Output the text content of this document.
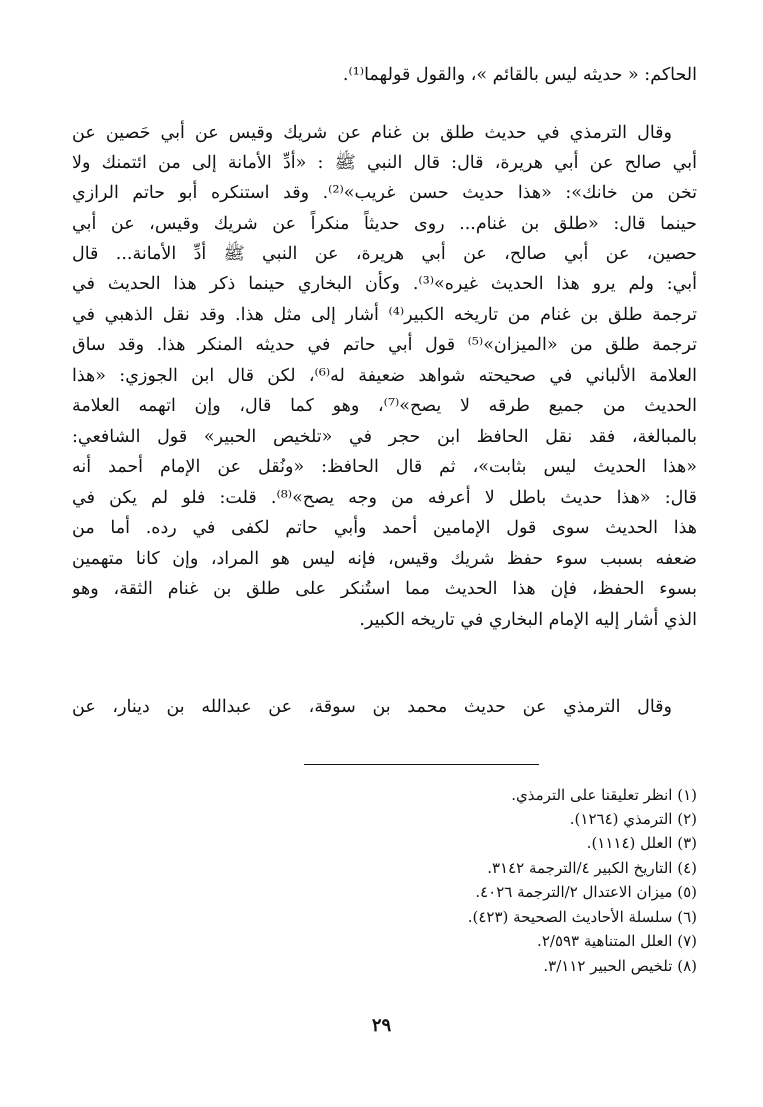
الحاكم: « حديثه ليس بالقائم »، والقول قولهما⁽¹⁾.
وقال الترمذي في حديث طلق بن غنام عن شريك وقيس عن أبي حَصين عن
أبي صالح عن أبي هريرة، قال: قال النبي ﷺ : «أدِّ الأمانة إلى من ائتمنك ولا
تخن من خانك»: «هذا حديث حسن غريب»⁽²⁾. وقد استنكره أبو حاتم الرازي
حينما قال: «طلق بن غنام... روى حديثاً منكراً عن شريك وقيس، عن أبي
حصين، عن أبي صالح، عن أبي هريرة، عن النبي ﷺ أدِّ الأمانة... قال
أبي: ولم يرو هذا الحديث غيره»⁽³⁾. وكأن البخاري حينما ذكر هذا الحديث في
ترجمة طلق بن غنام من تاريخه الكبير⁽⁴⁾ أشار إلى مثل هذا. وقد نقل الذهبي في
ترجمة طلق من «الميزان»⁽⁵⁾ قول أبي حاتم في حديثه المنكر هذا. وقد ساق
العلامة الألباني في صحيحته شواهد ضعيفة له⁽⁶⁾، لكن قال ابن الجوزي: «هذا
الحديث من جميع طرقه لا يصح»⁽⁷⁾، وهو كما قال، وإن اتهمه العلامة
بالمبالغة، فقد نقل الحافظ ابن حجر في «تلخيص الحبير» قول الشافعي:
«هذا الحديث ليس بثابت»، ثم قال الحافظ: «ونُقل عن الإمام أحمد أنه
قال: «هذا حديث باطل لا أعرفه من وجه يصح»⁽⁸⁾. قلت: فلو لم يكن في
هذا الحديث سوى قول الإمامين أحمد وأبي حاتم لكفى في رده. أما من
ضعفه بسبب سوء حفظ شريك وقيس، فإنه ليس هو المراد، وإن كانا متهمين
بسوء الحفظ، فإن هذا الحديث مما استُنكر على طلق بن غنام الثقة، وهو
الذي أشار إليه الإمام البخاري في تاريخه الكبير.
وقال الترمذي عن حديث محمد بن سوقة، عن عبدالله بن دينار، عن
(١) انظر تعليقنا على الترمذي.
(٢) الترمذي (١٢٦٤).
(٣) العلل (١١١٤).
(٤) التاريخ الكبير ٤/الترجمة ٣١٤٢.
(٥) ميزان الاعتدال ٢/الترجمة ٤٠٢٦.
(٦) سلسلة الأحاديث الصحيحة (٤٢٣).
(٧) العلل المتناهية ٢/٥٩٣.
(٨) تلخيص الحبير ٣/١١٢.
٢٩
